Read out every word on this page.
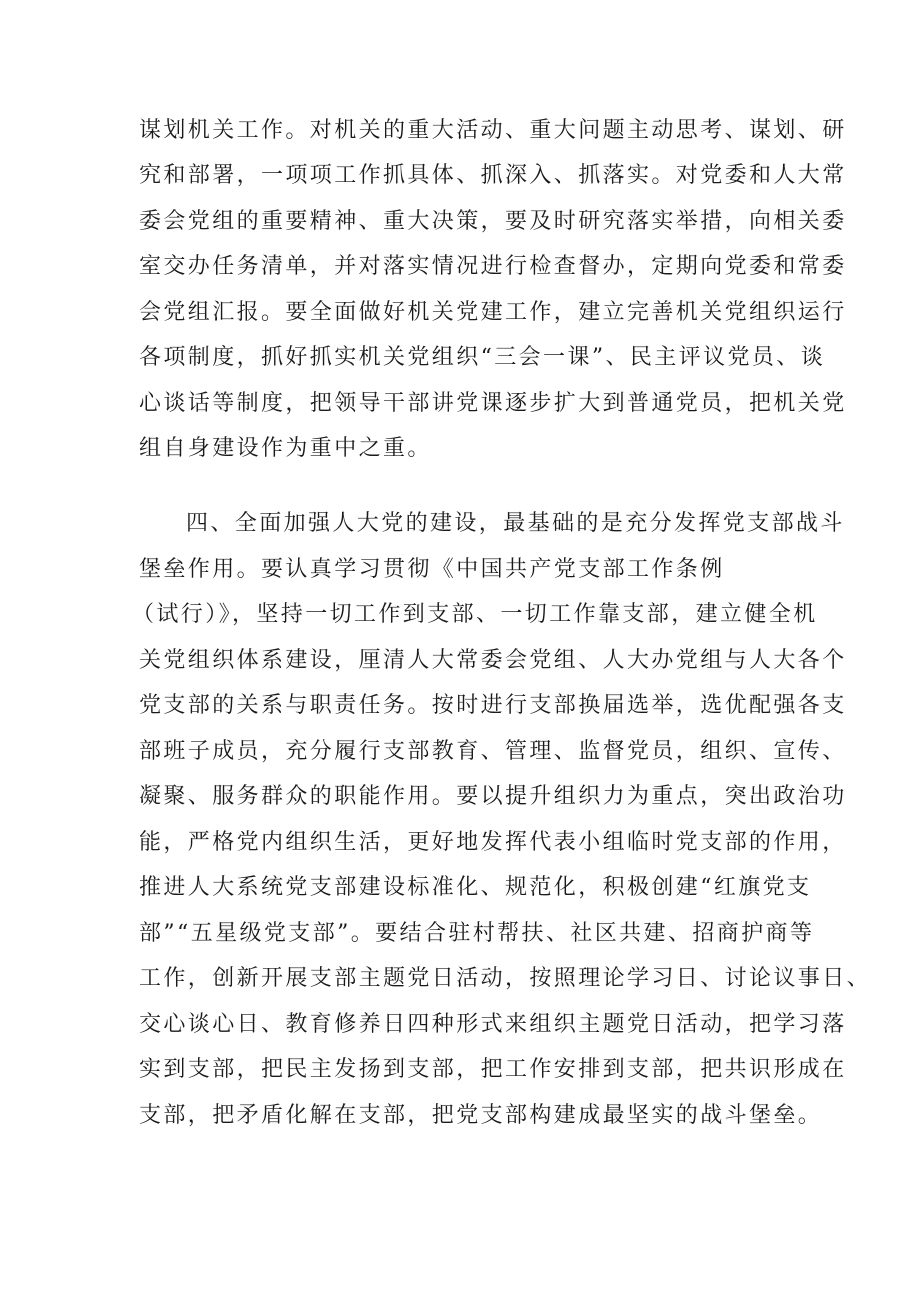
谋划机关工作。对机关的重大活动、重大问题主动思考、谋划、研
究和部署，一项项工作抓具体、抓深入、抓落实。对党委和人大常
委会党组的重要精神、重大决策，要及时研究落实举措，向相关委
室交办任务清单，并对落实情况进行检查督办，定期向党委和常委
会党组汇报。要全面做好机关党建工作，建立完善机关党组织运行
各项制度，抓好抓实机关党组织“三会一课”、民主评议党员、谈
心谈话等制度，把领导干部讲党课逐步扩大到普通党员，把机关党
组自身建设作为重中之重。
四、全面加强人大党的建设，最基础的是充分发挥党支部战斗
堡垒作用。要认真学习贯彻《中国共产党支部工作条例
（试行）》，坚持一切工作到支部、一切工作靠支部，建立健全机
关党组织体系建设，厘清人大常委会党组、人大办党组与人大各个
党支部的关系与职责任务。按时进行支部换届选举，选优配强各支
部班子成员，充分履行支部教育、管理、监督党员，组织、宣传、
凝聚、服务群众的职能作用。要以提升组织力为重点，突出政治功
能，严格党内组织生活，更好地发挥代表小组临时党支部的作用，
推进人大系统党支部建设标准化、规范化，积极创建“红旗党支
部”“五星级党支部”。要结合驻村帮扶、社区共建、招商护商等
工作，创新开展支部主题党日活动，按照理论学习日、讨论议事日、
交心谈心日、教育修养日四种形式来组织主题党日活动，把学习落
实到支部，把民主发扬到支部，把工作安排到支部，把共识形成在
支部，把矛盾化解在支部，把党支部构建成最坚实的战斗堡垒。
